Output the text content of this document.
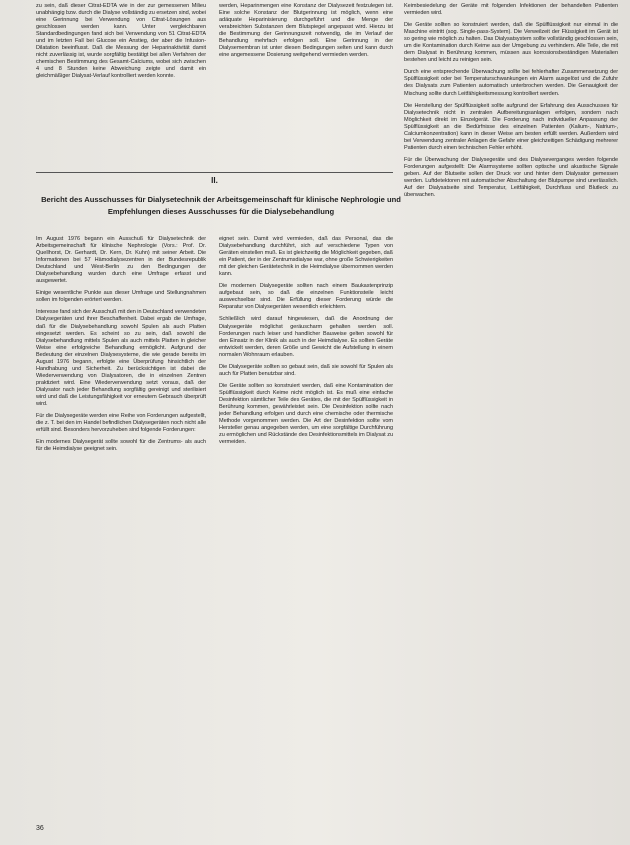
zu sein, daß dieser Citrat-EDTA wie in der zur gemessenen Milieu unabhängig bzw. durch die Dialyse vollständig zu ersetzen sind, wobei eine Gerinnung bei Verwendung von Citrat-Lösungen aus geschlossen werden kann. Unter vergleichbaren Standardbedingungen fand sich bei Verwendung von 51 Citrat-EDTA und im letzten Fall bei Glucose ein Anstieg, der aber die Infusion-Dilatation beeinflusst. Daß die Messung der Heparinaktivität damit nicht zuverlässig ist, wurde sorgfältig bestätigt bei allen Verfahren der chemischen Bestimmung des Gesamt-Calciums, wobei sich zwischen 4 und 8 Stunden keine Abweichung zeigte und damit ein gleichmäßiger Dialysat-Verlauf kontrolliert werden konnte.

werden, Heparinmengen eine Konstanz der Dialysezeit festzulegen ist. Eine solche Konstanz der Blutgerinnung ist möglich, wenn eine adäquate Heparinisierung durchgeführt und die Menge der verabreichten Substanzen dem Blutspiegel angepasst wird. Hierzu ist die Bestimmung der Gerinnungszeit notwendig, die im Verlauf der Behandlung mehrfach erfolgen soll. Eine Gerinnung in der Dialysemembran ist unter diesen Bedingungen selten und kann durch eine angemessene Dosierung weitgehend vermieden werden.

II.
Bericht des Ausschusses für Dialysetechnik der Arbeitsgemeinschaft für klinische Nephrologie und Empfehlungen dieses Ausschusses für die Dialysebehandlung

Im August 1976 begann ein Ausschuß für Dialysetechnik der Arbeitsgemeinschaft für klinische Nephrologie (Vors.: Prof. Dr. Quellhorst, Dr. Gerhardt, Dr. Kern, Dr. Kuhn) mit seiner Arbeit. Die Informationen bei 57 Hämodialysezentren in der Bundesrepublik Deutschland und West-Berlin zu den Bedingungen der Dialysebehandlung wurden durch eine Umfrage erfasst und ausgewertet.

Einige wesentliche Punkte aus dieser Umfrage und Stellungnahmen sollen im folgenden erörtert werden.

Interesse fand sich der Ausschuß mit den in Deutschland verwendeten Dialysegeräten und ihrer Beschaffenheit. Dabei ergab die Umfrage, daß für die Dialysebehandlung sowohl Spulen als auch Platten eingesetzt werden. Es scheint so zu sein, daß sowohl die Dialysebehandlung mittels Spulen als auch mittels Platten in gleicher Weise eine erfolgreiche Behandlung ermöglicht. Aufgrund der Bedeutung der einzelnen Dialysesysteme, die wie gerade bereits im August 1976 begann, erfolgte eine Überprüfung hinsichtlich der Handhabung und Sicherheit. Zu berücksichtigen ist dabei die Wiederverwendung von Dialysatoren, die in einzelnen Zentren praktiziert wird. Eine Wiederverwendung setzt voraus, daß der Dialysator nach jeder Behandlung sorgfältig gereinigt und sterilisiert wird und daß die Leistungsfähigkeit vor erneutem Gebrauch überprüft wird.

Für die Dialysegeräte werden eine Reihe von Forderungen aufgestellt, die z. T. bei den im Handel befindlichen Dialysegeräten noch nicht alle erfüllt sind. Besonders hervorzuheben sind folgende Forderungen:

Ein modernes Dialysegerät sollte sowohl für die Zentrums- als auch für die Heimdialyse geeignet sein.

eignet sein. Damit wird vermieden, daß das Personal, das die Dialysebehandlung durchführt, sich auf verschiedene Typen von Geräten einstellen muß. Es ist gleichzeitig die Möglichkeit gegeben, daß ein Patient, der in der Zentrumsdialyse war, ohne große Schwierigkeiten mit der gleichen Gerätetechnik in die Heimdialyse übernommen werden kann.

Die modernen Dialysegeräte sollten nach einem Baukastenprinzip aufgebaut sein, so daß die einzelnen Funktionsteile leicht auswechselbar sind. Die Erfüllung dieser Forderung würde die Reparatur von Dialysegeräten wesentlich erleichtern.

Schließlich wird darauf hingewiesen, daß die Anordnung der Dialysegeräte möglichst geräuscharm gehalten werden soll. Forderungen nach leiser und handlicher Bauweise gelten sowohl für den Einsatz in der Klinik als auch in der Heimdialyse. Es sollten Geräte entwickelt werden, deren Größe und Gewicht die Aufstellung in einem normalen Wohnraum erlauben.

Die Dialysegeräte sollten so gebaut sein, daß sie sowohl für Spulen als auch für Platten benutzbar sind.

Die Geräte sollten so konstruiert werden, daß eine Kontamination der Spülflüssigkeit durch Keime nicht möglich ist. Es muß eine einfache Desinfektion sämtlicher Teile des Gerätes, die mit der Spülflüssigkeit in Berührung kommen, gewährleistet sein. Die Desinfektion sollte nach jeder Behandlung erfolgen und durch eine chemische oder thermische Methode vorgenommen werden. Die Art der Desinfektion sollte vom Hersteller genau angegeben werden, um eine sorgfältige Durchführung zu ermöglichen und Rückstände des Desinfektionsmittels im Dialysat zu vermeiden.

Keimbesiedelung der Geräte mit folgenden Infektionen der behandelten Patienten vermieden wird.

Die Geräte sollten so konstruiert werden, daß die Spülflüssigkeit nur einmal in die Maschine eintritt (sog. Single-pass-System). Die Verweilzeit der Flüssigkeit im Gerät ist so gering wie möglich zu halten. Das Dialysatsystem sollte vollständig geschlossen sein, um die Kontamination durch Keime aus der Umgebung zu verhindern. Alle Teile, die mit dem Dialysat in Berührung kommen, müssen aus korrosionsbeständigen Materialien bestehen und leicht zu reinigen sein.

Durch eine entsprechende Überwachung sollte bei fehlerhafter Zusammensetzung der Spülflüssigkeit oder bei Temperaturschwankungen ein Alarm ausgelöst und die Zufuhr des Dialysats zum Patienten automatisch unterbrochen werden. Die Genauigkeit der Mischung sollte durch Leitfähigkeitsmessung kontrolliert werden.

Die Herstellung der Spülflüssigkeit sollte aufgrund der Erfahrung des Ausschusses für Dialysetechnik nicht in zentralen Aufbereitungsanlagen erfolgen, sondern nach Möglichkeit direkt im Einzelgerät. Die Forderung nach individueller Anpassung der Spülflüssigkeit an die Bedürfnisse des einzelnen Patienten (Kalium-, Natrium-, Calciumkonzentration) kann in dieser Weise am besten erfüllt werden. Außerdem wird bei Verwendung zentraler Anlagen die Gefahr einer gleichzeitigen Schädigung mehrerer Patienten durch einen technischen Fehler erhöht.

Für die Überwachung der Dialysegeräte und des Dialyseverganges werden folgende Forderungen aufgestellt: Die Alarmsysteme sollten optische und akustische Signale geben. Auf der Blutseite sollen der Druck vor und hinter dem Dialysator gemessen werden. Luftdetektoren mit automatischer Abschaltung der Blutpumpe sind unerlässlich. Auf der Dialysatseite sind Temperatur, Leitfähigkeit, Durchfluss und Blutleck zu überwachen.

36
